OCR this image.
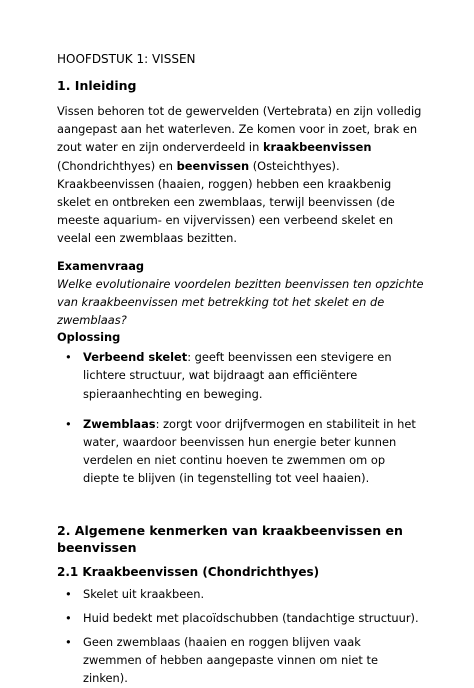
HOOFDSTUK 1: VISSEN

1. Inleiding

Vissen behoren tot de gewervelden (Vertebrata) en zijn volledig
aangepast aan het waterleven. Ze komen voor in zoet, brak en
zout water en zijn onderverdeeld in kraakbeenvissen
(Chondrichthyes) en beenvissen (Osteichthyes).
Kraakbeenvissen (haaien, roggen) hebben een kraakbenig
skelet en ontbreken een zwemblaas, terwijl beenvissen (de
meeste aquarium- en vijvervissen) een verbeend skelet en
veelal een zwemblaas bezitten.

Examenvraag

Welke evolutionaire voordelen bezitten beenvissen ten opzichte
van kraakbeenvissen met betrekking tot het skelet en de
zwemblaas?

Oplossing

• Verbeend skelet: geeft beenvissen een stevigere en
lichtere structuur, wat bijdraagt aan efficiëntere
spieraanhechting en beweging.
• Zwemblaas: zorgt voor drijfvermogen en stabiliteit in het
water, waardoor beenvissen hun energie beter kunnen
verdelen en niet continu hoeven te zwemmen om op
diepte te blijven (in tegenstelling tot veel haaien).

2. Algemene kenmerken van kraakbeenvissen en
beenvissen

2.1 Kraakbeenvissen (Chondrichthyes)

• Skelet uit kraakbeen.
• Huid bedekt met placoïdschubben (tandachtige structuur).
• Geen zwemblaas (haaien en roggen blijven vaak
zwemmen of hebben aangepaste vinnen om niet te
zinken).
